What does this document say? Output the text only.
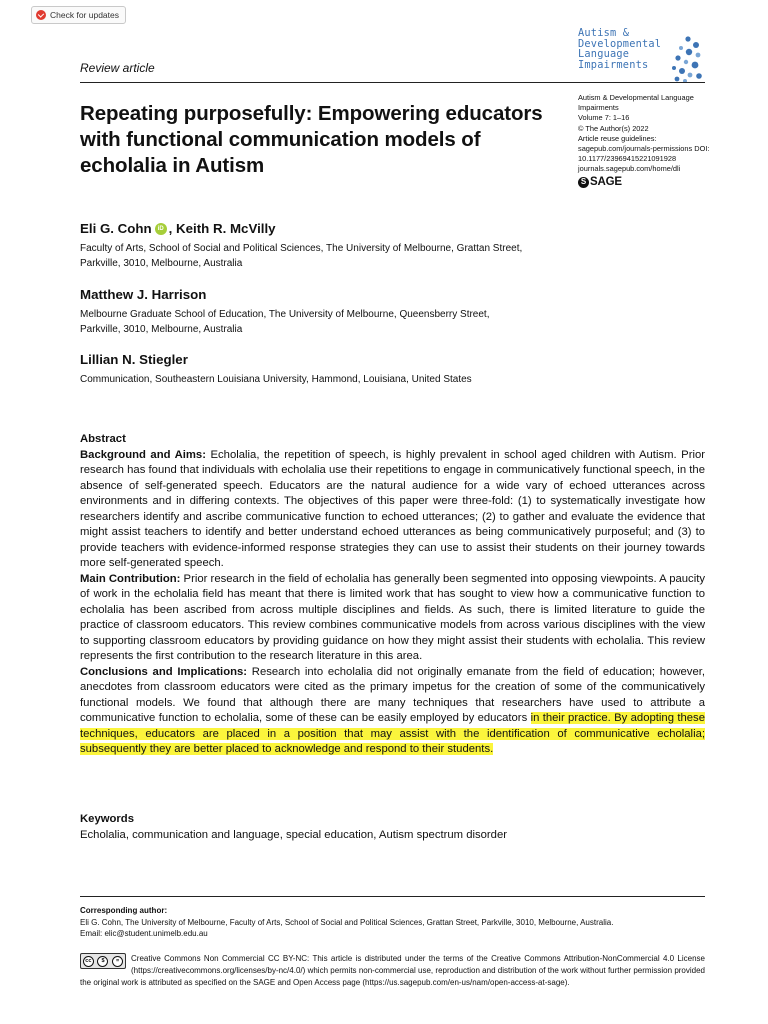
Check for updates
Review article
Autism &
Developmental
Language
Impairments
Autism & Developmental Language
Impairments
Volume 7: 1–16
© The Author(s) 2022
Article reuse guidelines:
sagepub.com/journals-permissions DOI: 10.1177/23969415221091928 journals.sagepub.com/home/dli
S SAGE
Repeating purposefully: Empowering educators with functional communication models of echolalia in Autism
Eli G. Cohn	iD , Keith R. McVilly
Faculty of Arts, School of Social and Political Sciences, The University of Melbourne, Grattan Street,
Parkville, 3010, Melbourne, Australia
Matthew J. Harrison
Melbourne Graduate School of Education, The University of Melbourne, Queensberry Street,
Parkville, 3010, Melbourne, Australia
Lillian N. Stiegler
Communication, Southeastern Louisiana University, Hammond, Louisiana, United States
Abstract

Background and Aims: Echolalia, the repetition of speech, is highly prevalent in school aged children with Autism. Prior research has found that individuals with echolalia use their repetitions to engage in communicatively functional speech, in the absence of self-generated speech. Educators are the natural audience for a wide vary of echoed utterances across environments and in differing contexts. The objectives of this paper were three-fold: (1) to systematically investigate how researchers identify and ascribe communicative function to echoed utterances; (2) to gather and evaluate the evidence that might assist teachers to identify and better understand echoed utterances as being communicatively purposeful; and (3) to provide teachers with evidence-informed response strategies they can use to assist their students on their journey towards more self-generated speech.

Main Contribution: Prior research in the field of echolalia has generally been segmented into opposing viewpoints. A paucity of work in the echolalia field has meant that there is limited work that has sought to view how a communicative function to echolalia has been ascribed from across multiple disciplines and fields. As such, there is limited literature to guide the practice of classroom educators. This review combines communicative models from across various disciplines with the view to supporting classroom educators by providing guidance on how they might assist their students with echolalia. This review represents the first contribution to the research literature in this area.

Conclusions and Implications: Research into echolalia did not originally emanate from the field of education; however, anecdotes from classroom educators were cited as the primary impetus for the creation of some of the communicatively functional models. We found that although there are many techniques that researchers have used to attribute a communicative function to echolalia, some of these can be easily employed by educators in their practice. By adopting these techniques, educators are placed in a position that may assist with the identification of communicative echolalia; subsequently they are better placed to acknowledge and respond to their students.

Keywords
Echolalia, communication and language, special education, Autism spectrum disorder
Corresponding author:
Eli G. Cohn, The University of Melbourne, Faculty of Arts, School of Social and Political Sciences, Grattan Street, Parkville, 3010, Melbourne, Australia.
Email: elic@student.unimelb.edu.au
cc	$	=	Creative Commons Non Commercial CC BY-NC: This article is distributed under the terms of the Creative Commons Attribution-NonCommercial 4.0 License (https://creativecommons.org/licenses/by-nc/4.0/) which permits non-commercial use, reproduction and distribution of the work without further permission provided the original work is attributed as specified on the SAGE and Open Access page (https://us.sagepub.com/en-us/nam/open-access-at-sage).
